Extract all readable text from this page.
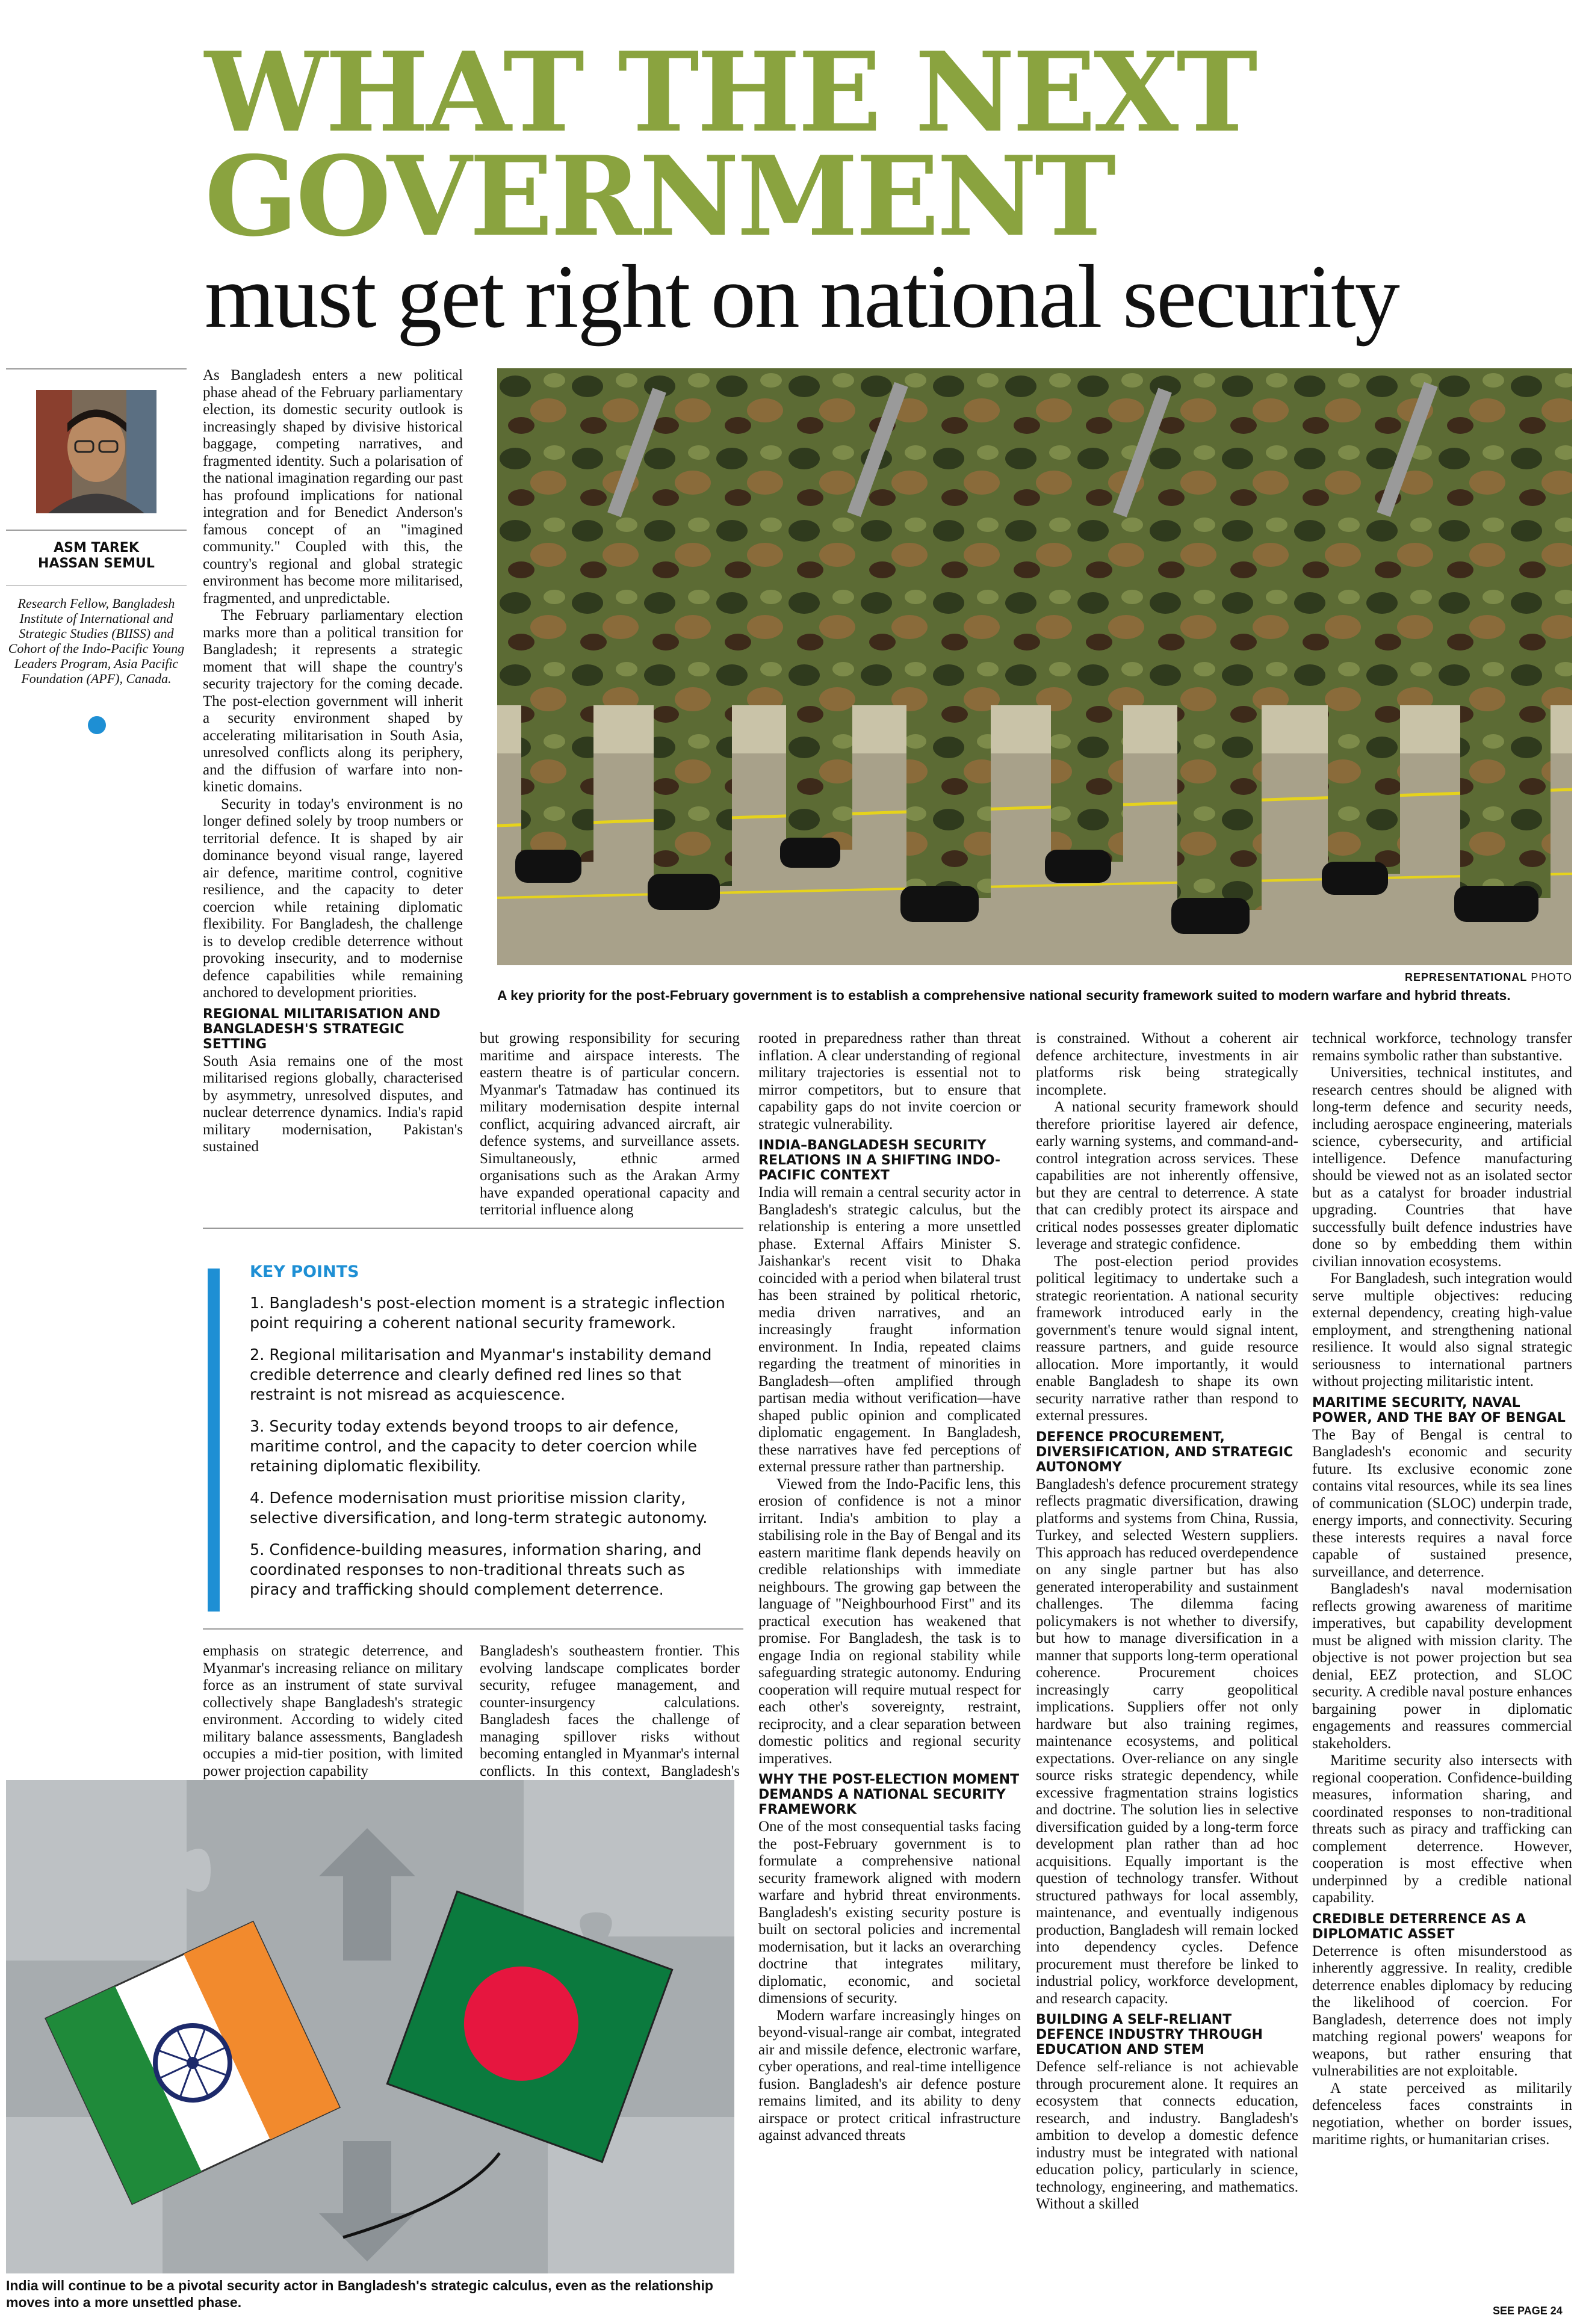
WHAT THE NEXT
GOVERNMENT
must get right on national security
ASM TAREK
HASSAN SEMUL
Research Fellow, Bangladesh Institute of International and Strategic Studies (BIISS) and Cohort of the Indo-Pacific Young Leaders Program, Asia Pacific Foundation (APF), Canada.

As Bangladesh enters a new political phase ahead of the February parliamentary election, its domestic security outlook is increasingly shaped by divisive historical baggage, competing narratives, and fragmented identity. Such a polarisation of the national imagination regarding our past has profound implications for national integration and for Benedict Anderson's famous concept of an "imagined community." Coupled with this, the country's regional and global strategic environment has become more militarised, fragmented, and unpredictable.

The February parliamentary election marks more than a political transition for Bangladesh; it represents a strategic moment that will shape the country's security trajectory for the coming decade. The post-election government will inherit a security environment shaped by accelerating militarisation in South Asia, unresolved conflicts along its periphery, and the diffusion of warfare into non-kinetic domains.

Security in today's environment is no longer defined solely by troop numbers or territorial defence. It is shaped by air dominance beyond visual range, layered air defence, maritime control, cognitive resilience, and the capacity to deter coercion while retaining diplomatic flexibility. For Bangladesh, the challenge is to develop credible deterrence without provoking insecurity, and to modernise defence capabilities while remaining anchored to development priorities.

REGIONAL MILITARISATION AND BANGLADESH'S STRATEGIC SETTING

South Asia remains one of the most militarised regions globally, characterised by asymmetry, unresolved disputes, and nuclear deterrence dynamics. India's rapid military modernisation, Pakistan's sustained

REPRESENTATIONAL PHOTO
A key priority for the post-February government is to establish a comprehensive national security framework suited to modern warfare and hybrid threats.

but growing responsibility for securing maritime and airspace interests. The eastern theatre is of particular concern. Myanmar's Tatmadaw has continued its military modernisation despite internal conflict, acquiring advanced aircraft, air defence systems, and surveillance assets. Simultaneously, ethnic armed organisations such as the Arakan Army have expanded operational capacity and territorial influence along

KEY POINTS
1. Bangladesh's post-election moment is a strategic inflection point requiring a coherent national security framework.
2. Regional militarisation and Myanmar's instability demand credible deterrence and clearly defined red lines so that restraint is not misread as acquiescence.
3. Security today extends beyond troops to air defence, maritime control, and the capacity to deter coercion while retaining diplomatic flexibility.
4. Defence modernisation must prioritise mission clarity, selective diversification, and long-term strategic autonomy.
5. Confidence-building measures, information sharing, and coordinated responses to non-traditional threats such as piracy and trafficking should complement deterrence.

emphasis on strategic deterrence, and Myanmar's increasing reliance on military force as an instrument of state survival collectively shape Bangladesh's strategic environment. According to widely cited military balance assessments, Bangladesh occupies a mid-tier position, with limited power projection capability

Bangladesh's southeastern frontier. This evolving landscape complicates border security, refugee management, and counter-insurgency calculations. Bangladesh faces the challenge of managing spillover risks without becoming entangled in Myanmar's internal conflicts. In this context, Bangladesh's

India will continue to be a pivotal security actor in Bangladesh's strategic calculus, even as the relationship moves into a more unsettled phase.

rooted in preparedness rather than threat inflation. A clear understanding of regional military trajectories is essential not to mirror competitors, but to ensure that capability gaps do not invite coercion or strategic vulnerability.

INDIA–BANGLADESH SECURITY RELATIONS IN A SHIFTING INDO-PACIFIC CONTEXT

India will remain a central security actor in Bangladesh's strategic calculus, but the relationship is entering a more unsettled phase. External Affairs Minister S. Jaishankar's recent visit to Dhaka coincided with a period when bilateral trust has been strained by political rhetoric, media driven narratives, and an increasingly fraught information environment. In India, repeated claims regarding the treatment of minorities in Bangladesh—often amplified through partisan media without verification—have shaped public opinion and complicated diplomatic engagement. In Bangladesh, these narratives have fed perceptions of external pressure rather than partnership.

Viewed from the Indo-Pacific lens, this erosion of confidence is not a minor irritant. India's ambition to play a stabilising role in the Bay of Bengal and its eastern maritime flank depends heavily on credible relationships with immediate neighbours. The growing gap between the language of "Neighbourhood First" and its practical execution has weakened that promise. For Bangladesh, the task is to engage India on regional stability while safeguarding strategic autonomy. Enduring cooperation will require mutual respect for each other's sovereignty, restraint, reciprocity, and a clear separation between domestic politics and regional security imperatives.

WHY THE POST-ELECTION MOMENT DEMANDS A NATIONAL SECURITY FRAMEWORK

One of the most consequential tasks facing the post-February government is to formulate a comprehensive national security framework aligned with modern warfare and hybrid threat environments. Bangladesh's existing security posture is built on sectoral policies and incremental modernisation, but it lacks an overarching doctrine that integrates military, diplomatic, economic, and societal dimensions of security.

Modern warfare increasingly hinges on beyond-visual-range air combat, integrated air and missile defence, electronic warfare, cyber operations, and real-time intelligence fusion. Bangladesh's air defence posture remains limited, and its ability to deny airspace or protect critical infrastructure against advanced threats

is constrained. Without a coherent air defence architecture, investments in air platforms risk being strategically incomplete.

A national security framework should therefore prioritise layered air defence, early warning systems, and command-and-control integration across services. These capabilities are not inherently offensive, but they are central to deterrence. A state that can credibly protect its airspace and critical nodes possesses greater diplomatic leverage and strategic confidence.

The post-election period provides political legitimacy to undertake such a strategic reorientation. A national security framework introduced early in the government's tenure would signal intent, reassure partners, and guide resource allocation. More importantly, it would enable Bangladesh to shape its own security narrative rather than respond to external pressures.

DEFENCE PROCUREMENT, DIVERSIFICATION, AND STRATEGIC AUTONOMY

Bangladesh's defence procurement strategy reflects pragmatic diversification, drawing platforms and systems from China, Russia, Turkey, and selected Western suppliers. This approach has reduced overdependence on any single partner but has also generated interoperability and sustainment challenges. The dilemma facing policymakers is not whether to diversify, but how to manage diversification in a manner that supports long-term operational coherence. Procurement choices increasingly carry geopolitical implications. Suppliers offer not only hardware but also training regimes, maintenance ecosystems, and political expectations. Over-reliance on any single source risks strategic dependency, while excessive fragmentation strains logistics and doctrine. The solution lies in selective diversification guided by a long-term force development plan rather than ad hoc acquisitions. Equally important is the question of technology transfer. Without structured pathways for local assembly, maintenance, and eventually indigenous production, Bangladesh will remain locked into dependency cycles. Defence procurement must therefore be linked to industrial policy, workforce development, and research capacity.

BUILDING A SELF-RELIANT DEFENCE INDUSTRY THROUGH EDUCATION AND STEM

Defence self-reliance is not achievable through procurement alone. It requires an ecosystem that connects education, research, and industry. Bangladesh's ambition to develop a domestic defence industry must be integrated with national education policy, particularly in science, technology, engineering, and mathematics. Without a skilled

technical workforce, technology transfer remains symbolic rather than substantive.

Universities, technical institutes, and research centres should be aligned with long-term defence and security needs, including aerospace engineering, materials science, cybersecurity, and artificial intelligence. Defence manufacturing should be viewed not as an isolated sector but as a catalyst for broader industrial upgrading. Countries that have successfully built defence industries have done so by embedding them within civilian innovation ecosystems.

For Bangladesh, such integration would serve multiple objectives: reducing external dependency, creating high-value employment, and strengthening national resilience. It would also signal strategic seriousness to international partners without projecting militaristic intent.

MARITIME SECURITY, NAVAL POWER, AND THE BAY OF BENGAL

The Bay of Bengal is central to Bangladesh's economic and security future. Its exclusive economic zone contains vital resources, while its sea lines of communication (SLOC) underpin trade, energy imports, and connectivity. Securing these interests requires a naval force capable of sustained presence, surveillance, and deterrence.

Bangladesh's naval modernisation reflects growing awareness of maritime imperatives, but capability development must be aligned with mission clarity. The objective is not power projection but sea denial, EEZ protection, and SLOC security. A credible naval posture enhances bargaining power in diplomatic engagements and reassures commercial stakeholders.

Maritime security also intersects with regional cooperation. Confidence-building measures, information sharing, and coordinated responses to non-traditional threats such as piracy and trafficking can complement deterrence. However, cooperation is most effective when underpinned by a credible national capability.

CREDIBLE DETERRENCE AS A DIPLOMATIC ASSET

Deterrence is often misunderstood as inherently aggressive. In reality, credible deterrence enables diplomacy by reducing the likelihood of coercion. For Bangladesh, deterrence does not imply matching regional powers' weapons for weapons, but rather ensuring that vulnerabilities are not exploitable.

A state perceived as militarily defenceless faces constraints in negotiation, whether on border issues, maritime rights, or humanitarian crises.

SEE PAGE 24
